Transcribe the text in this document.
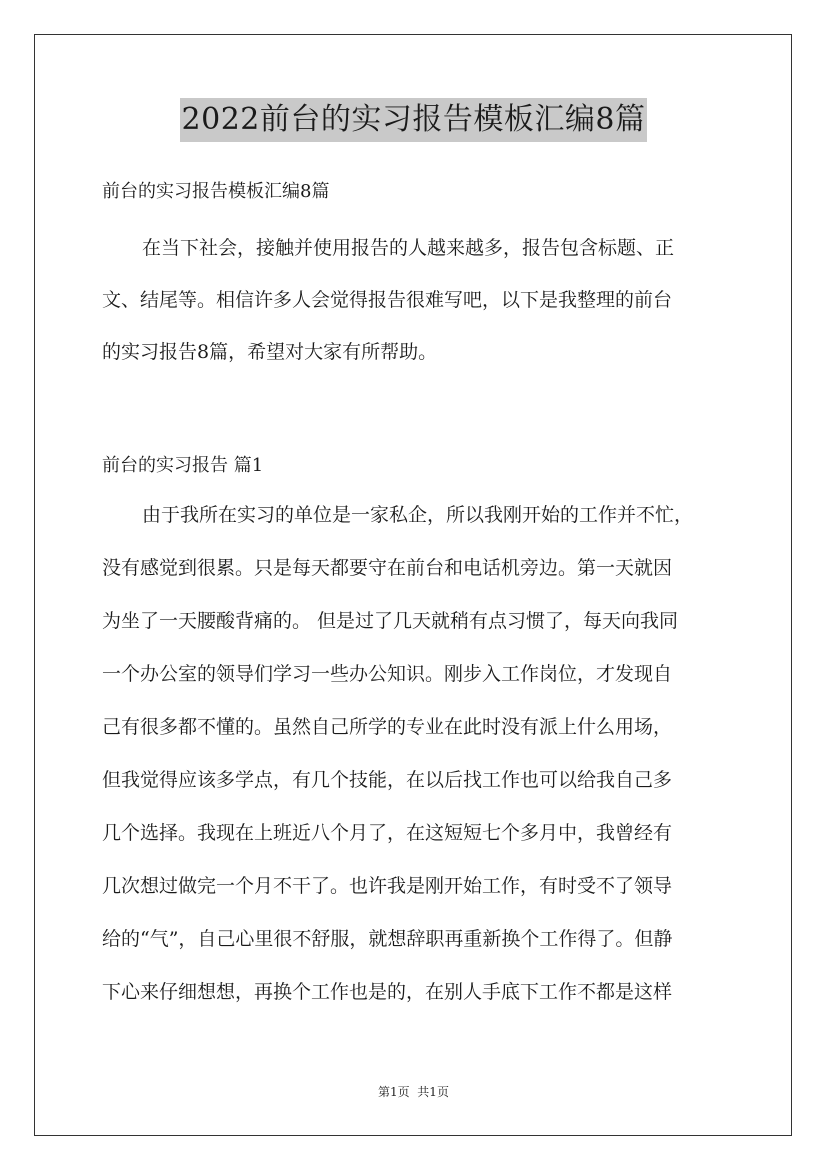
2022前台的实习报告模板汇编8篇
前台的实习报告模板汇编8篇
在当下社会，接触并使用报告的人越来越多，报告包含标题、正
文、结尾等。相信许多人会觉得报告很难写吧，以下是我整理的前台
的实习报告8篇，希望对大家有所帮助。
前台的实习报告 篇1
由于我所在实习的单位是一家私企，所以我刚开始的工作并不忙，
没有感觉到很累。只是每天都要守在前台和电话机旁边。第一天就因
为坐了一天腰酸背痛的。 但是过了几天就稍有点习惯了，每天向我同
一个办公室的领导们学习一些办公知识。刚步入工作岗位，才发现自
己有很多都不懂的。虽然自己所学的专业在此时没有派上什么用场，
但我觉得应该多学点，有几个技能，在以后找工作也可以给我自己多
几个选择。我现在上班近八个月了，在这短短七个多月中，我曾经有
几次想过做完一个月不干了。也许我是刚开始工作，有时受不了领导
给的“气”，自己心里很不舒服，就想辞职再重新换个工作得了。但静
下心来仔细想想，再换个工作也是的，在别人手底下工作不都是这样
第1页  共1页
